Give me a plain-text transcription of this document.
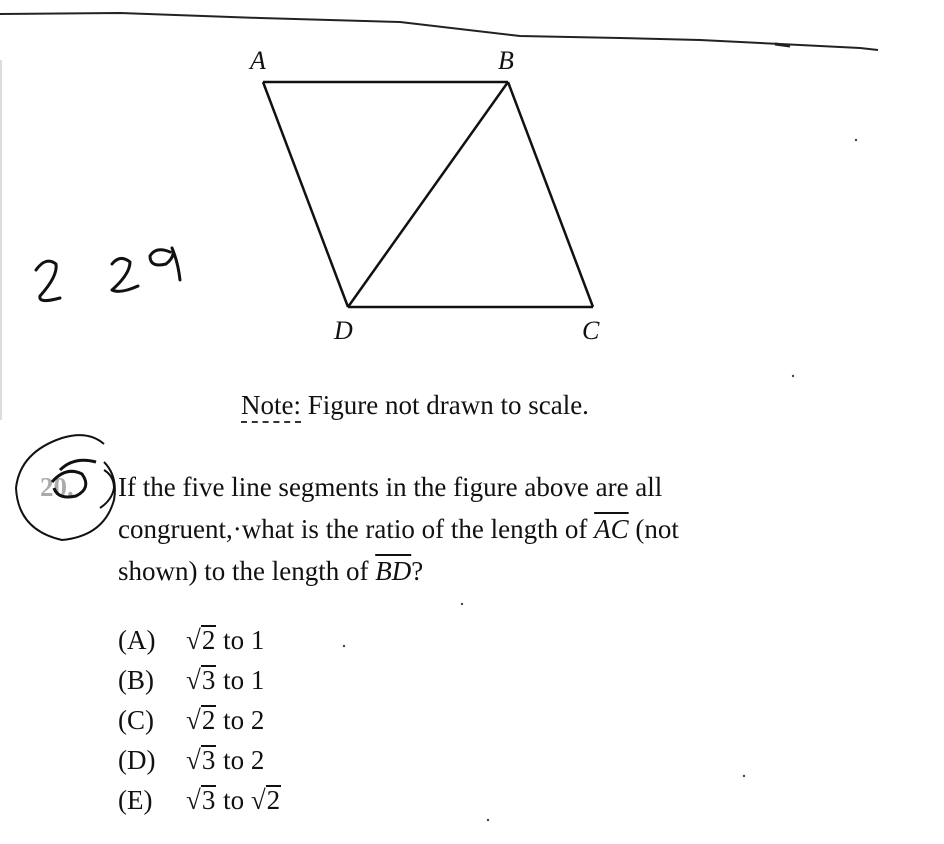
A	B
C
D
Note: Figure not drawn to scale.
20. If the five line segments in the figure above are all
congruent,·what is the ratio of the length of $\overline{AC}$ (not
shown) to the length of $\overline{BD}$?
(A) √2 to 1
(B) √3 to 1
(C) √2 to 2
(D) √3 to 2
(E) √3 to √2
